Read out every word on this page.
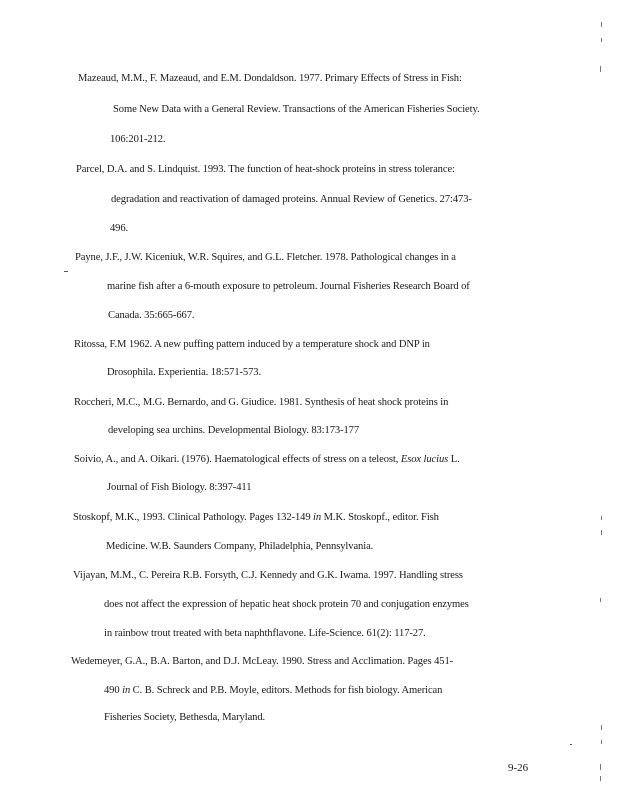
Mazeaud, M.M., F. Mazeaud, and E.M. Dondaldson. 1977. Primary Effects of Stress in Fish:
Some New Data with a General Review. Transactions of the American Fisheries Society.
106:201-212.
Parcel, D.A. and S. Lindquist. 1993. The function of heat-shock proteins in stress tolerance:
degradation and reactivation of damaged proteins. Annual Review of Genetics. 27:473-
496.
Payne, J.F., J.W. Kiceniuk, W.R. Squires, and G.L. Fletcher. 1978. Pathological changes in a
marine fish after a 6-mouth exposure to petroleum. Journal Fisheries Research Board of
Canada. 35:665-667.
Ritossa, F.M 1962. A new puffing pattern induced by a temperature shock and DNP in
Drosophila. Experientia. 18:571-573.
Roccheri, M.C., M.G. Bernardo, and G. Giudice. 1981. Synthesis of heat shock proteins in
developing sea urchins. Developmental Biology. 83:173-177
Soivio, A., and A. Oikari. (1976). Haematological effects of stress on a teleost, Esox lucius L.
Journal of Fish Biology. 8:397-411
Stoskopf, M.K., 1993. Clinical Pathology. Pages 132-149 in M.K. Stoskopf., editor. Fish
Medicine. W.B. Saunders Company, Philadelphia, Pennsylvania.
Vijayan, M.M., C. Pereira R.B. Forsyth, C.J. Kennedy and G.K. Iwama. 1997. Handling stress
does not affect the expression of hepatic heat shock protein 70 and conjugation enzymes
in rainbow trout treated with beta naphthflavone. Life-Science. 61(2): 117-27.
Wedemeyer, G.A., B.A. Barton, and D.J. McLeay. 1990. Stress and Acclimation. Pages 451-
490 in C. B. Schreck and P.B. Moyle, editors. Methods for fish biology. American
Fisheries Society, Bethesda, Maryland.
9-26
